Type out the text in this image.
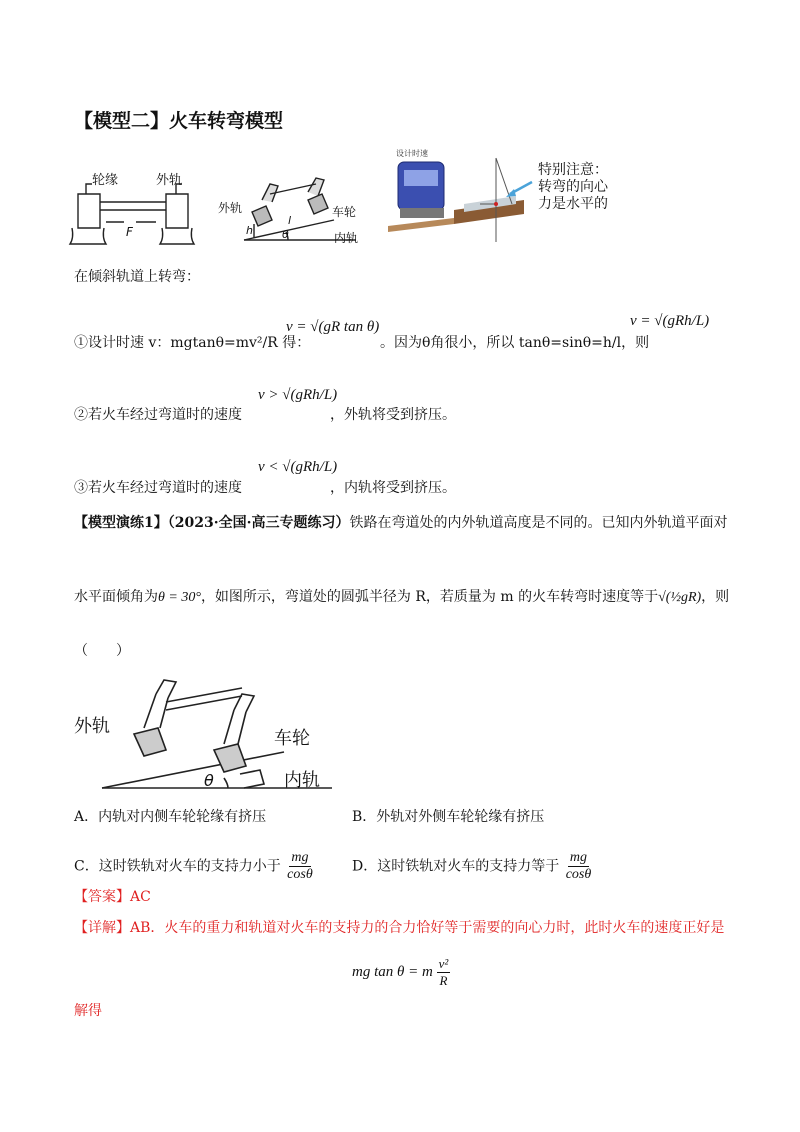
【模型二】火车转弯模型
轮缘	外轨
F
外轨	车轮
内轨
h
l
θ
设计时速
特别注意：
转弯的向心
力是水平的
在倾斜轨道上转弯：
①设计时速 v：mgtanθ=mv²/R 得：
v = √(gR tan θ)
。因为θ角很小，所以 tanθ=sinθ=h/l，则
v = √(gRh/L)
②若火车经过弯道时的速度
v > √(gRh/L)
，外轨将受到挤压。
③若火车经过弯道时的速度
v < √(gRh/L)
，内轨将受到挤压。
【模型演练1】（2023·全国·高三专题练习）铁路在弯道处的内外轨道高度是不同的。已知内外轨道平面对
水平面倾角为θ = 30°，如图所示，弯道处的圆弧半径为 R，若质量为 m 的火车转弯时速度等于√(½gR)，则
（　　）
外轨
车轮
内轨
θ
A．内轨对内侧车轮轮缘有挤压	B．外轨对外侧车轮轮缘有挤压
C．这时铁轨对火车的支持力小于 $\frac{mg}{\cos\theta}$	D．这时铁轨对火车的支持力等于 $\frac{mg}{\cos\theta}$
【答案】AC
【详解】AB．火车的重力和轨道对火车的支持力的合力恰好等于需要的向心力时，此时火车的速度正好是
mg tan θ = m $\frac{\text{v²}}{R}$
解得
